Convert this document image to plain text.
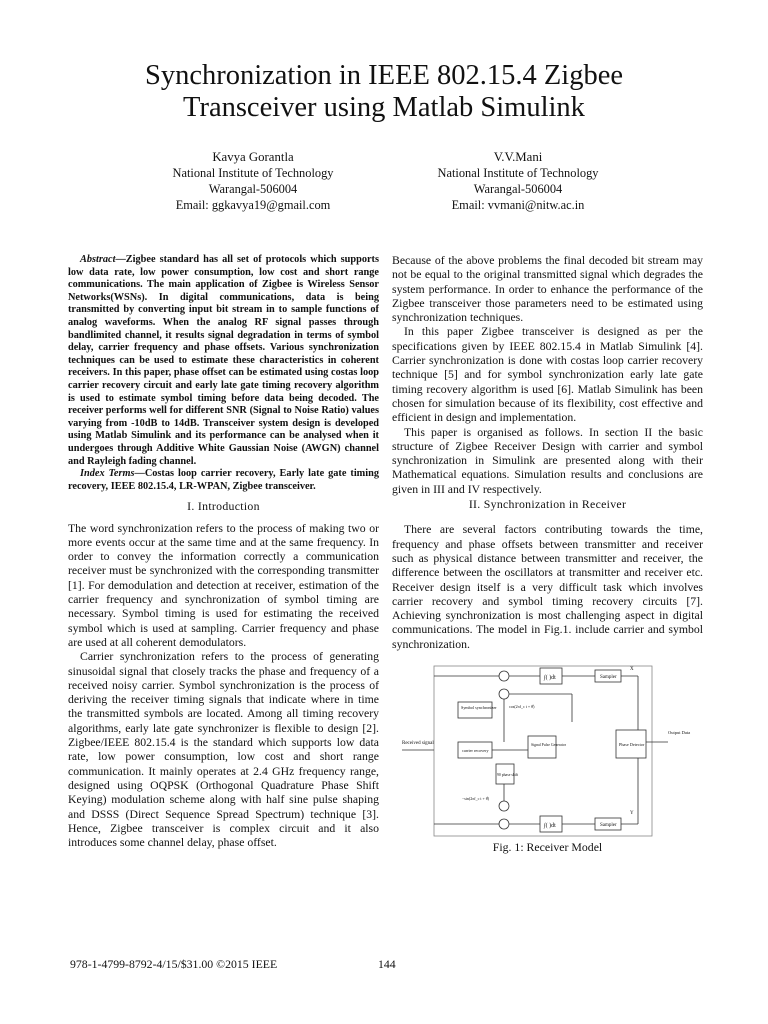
Synchronization in IEEE 802.15.4 Zigbee
Transceiver using Matlab Simulink
Kavya Gorantla
National Institute of Technology
Warangal-506004
Email: ggkavya19@gmail.com
V.V.Mani
National Institute of Technology
Warangal-506004
Email: vvmani@nitw.ac.in

Abstract—Zigbee standard has all set of protocols which supports low data rate, low power consumption, low cost and short range communications. The main application of Zigbee is Wireless Sensor Networks(WSNs). In digital communications, data is being transmitted by converting input bit stream in to sample functions of analog waveforms. When the analog RF signal passes through bandlimited channel, it results signal degradation in terms of symbol delay, carrier frequency and phase offsets. Various synchronization techniques can be used to estimate these characteristics in coherent receivers. In this paper, phase offset can be estimated using costas loop carrier recovery circuit and early late gate timing recovery algorithm is used to estimate symbol timing before data being decoded. The receiver performs well for different SNR (Signal to Noise Ratio) values varying from -10dB to 14dB. Transceiver system design is developed using Matlab Simulink and its performance can be analysed when it undergoes through Additive White Gaussian Noise (AWGN) channel and Rayleigh fading channel.

Index Terms—Costas loop carrier recovery, Early late gate timing recovery, IEEE 802.15.4, LR-WPAN, Zigbee transceiver.

I. Introduction

The word synchronization refers to the process of making two or more events occur at the same time and at the same frequency. In order to convey the information correctly a communication receiver must be synchronized with the corresponding transmitter [1]. For demodulation and detection at receiver, estimation of the carrier frequency and synchronization of symbol timing are necessary. Symbol timing is used for estimating the received symbol which is used at sampling. Carrier frequency and phase are used at all coherent demodulators.

Carrier synchronization refers to the process of generating sinusoidal signal that closely tracks the phase and frequency of a received noisy carrier. Symbol synchronization is the process of deriving the receiver timing signals that indicate where in time the transmitted symbols are located. Among all timing recovery algorithms, early late gate synchronizer is flexible to design [2]. Zigbee/IEEE 802.15.4 is the standard which supports low data rate, low power consumption, low cost and short range communication. It mainly operates at 2.4 GHz frequency range, designed using OQPSK (Orthogonal Quadrature Phase Shift Keying) modulation scheme along with half sine pulse shaping and DSSS (Direct Sequence Spread Spectrum) technique [3]. Hence, Zigbee transceiver is complex circuit and it also introduces some channel delay, phase offset.

Because of the above problems the final decoded bit stream may not be equal to the original transmitted signal which degrades the system performance. In order to enhance the performance of the Zigbee transceiver those parameters need to be estimated using synchronization techniques.

In this paper Zigbee transceiver is designed as per the specifications given by IEEE 802.15.4 in Matlab Simulink [4]. Carrier synchronization is done with costas loop carrier recovery technique [5] and for symbol synchronization early late gate timing recovery algorithm is used [6]. Matlab Simulink has been chosen for simulation because of its flexibility, cost effective and efficient in design and implementation.

This paper is organised as follows. In section II the basic structure of Zigbee Receiver Design with carrier and symbol synchronization in Simulink are presented along with their Mathematical equations. Simulation results and conclusions are given in III and IV respectively.

II. Synchronization in Receiver

There are several factors contributing towards the time, frequency and phase offsets between transmitter and receiver such as physical distance between transmitter and receiver, the difference between the oscillators at transmitter and receiver etc. Receiver design itself is a very difficult task which involves carrier recovery and symbol timing recovery circuits [7]. Achieving synchronization is most challenging aspect in digital communications. The model in Fig.1. include carrier and symbol synchronization.

Received signal
∫( )dt	Sampler
X
Symbol synchronizer	cos(2πf_c t + θ̂)
carrier recovery
Signal Pulse Generator
90 phase shift
−sin(2πf_c t + θ̂)
Phase Detector
Output Data
∫( )dt	Sampler
Y

Fig. 1: Receiver Model

978-1-4799-8792-4/15/$31.00 ©2015 IEEE	144
